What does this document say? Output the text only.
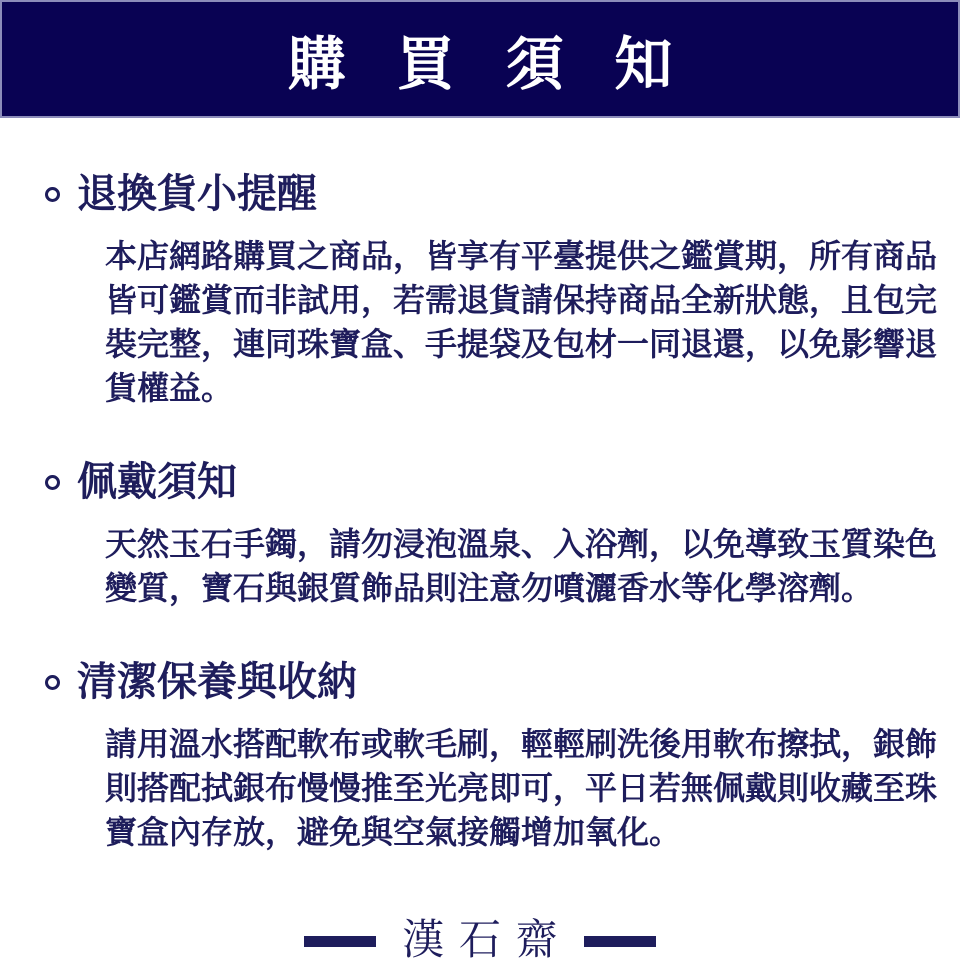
購 買 須 知
退換貨小提醒
本店網路購買之商品，皆享有平臺提供之鑑賞期，所有商品
皆可鑑賞而非試用，若需退貨請保持商品全新狀態，且包完
裝完整，連同珠寶盒、手提袋及包材一同退還，以免影響退
貨權益。
佩戴須知
天然玉石手鐲，請勿浸泡溫泉、入浴劑，以免導致玉質染色
變質，寶石與銀質飾品則注意勿噴灑香水等化學溶劑。
清潔保養與收納
請用溫水搭配軟布或軟毛刷，輕輕刷洗後用軟布擦拭，銀飾
則搭配拭銀布慢慢推至光亮即可，平日若無佩戴則收藏至珠
寶盒內存放，避免與空氣接觸增加氧化。
漢石齋
